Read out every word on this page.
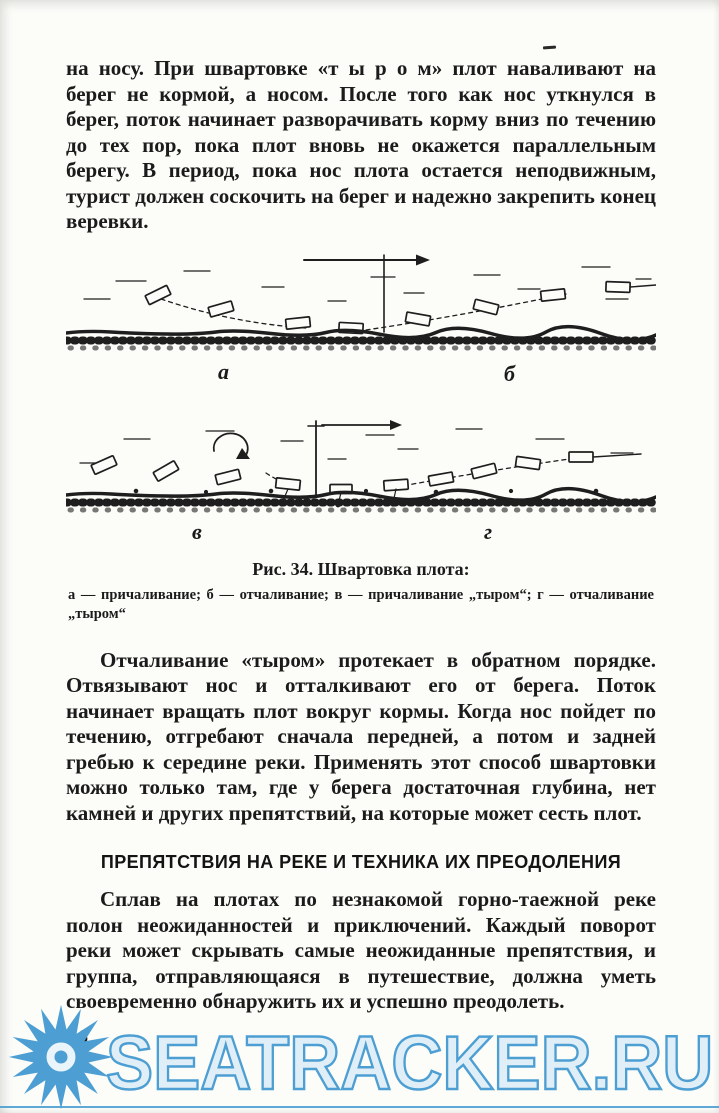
на носу. При швартовке «т ы р о м» плот наваливают на берег не кормой, а носом. После того как нос уткнулся в берег, поток начинает разворачивать корму вниз по течению до тех пор, пока плот вновь не окажется параллельным берегу. В период, пока нос плота остается неподвижным, турист должен соскочить на берег и надежно закрепить конец веревки.

а	б
в	г
Рис. 34. Швартовка плота:
а — причаливание; б — отчаливание; в — причаливание „тыром“; г — отчаливание „тыром“

Отчаливание «тыром» протекает в обратном порядке. Отвязывают нос и отталкивают его от берега. Поток начинает вращать плот вокруг кормы. Когда нос пойдет по течению, отгребают сначала передней, а потом и задней гребью к середине реки. Применять этот способ швартовки можно только там, где у берега достаточная глубина, нет камней и других препятствий, на которые может сесть плот.

ПРЕПЯТСТВИЯ НА РЕКЕ И ТЕХНИКА ИХ ПРЕОДОЛЕНИЯ

Сплав на плотах по незнакомой горно-таежной реке полон неожиданностей и приключений. Каждый поворот реки может скрывать самые неожиданные препятствия, и группа, отправляющаяся в путешествие, должна уметь своевременно обнаружить их и успешно преодолеть.

SEATRACKER.RU
